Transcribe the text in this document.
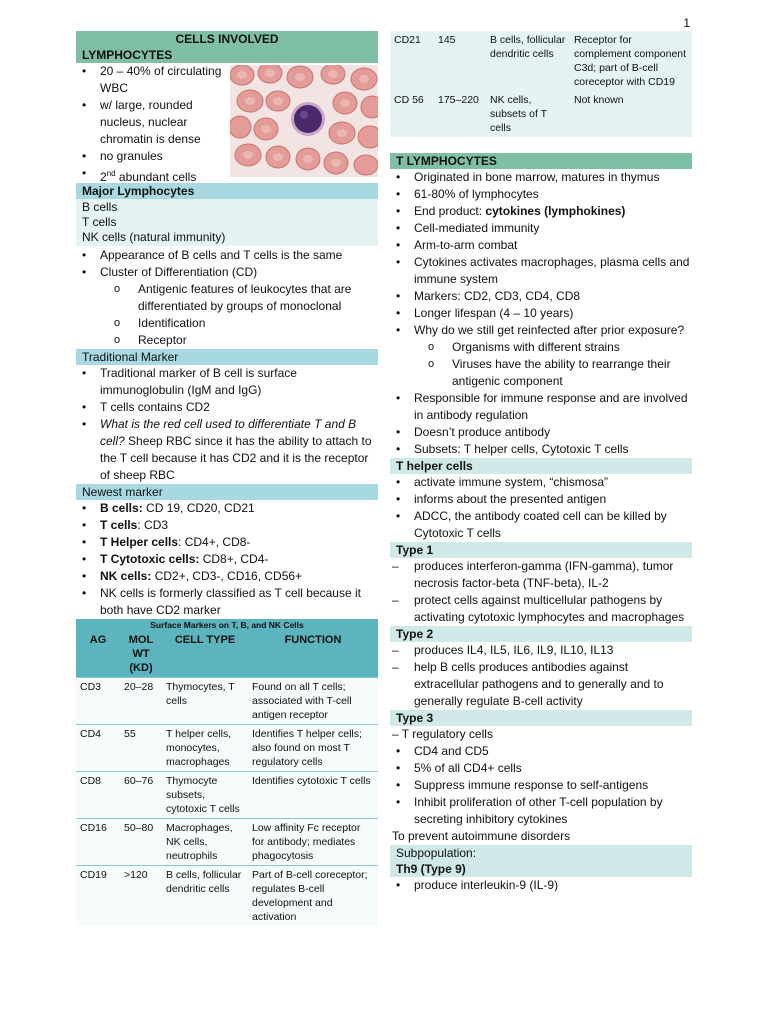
1
CELLS INVOLVED
LYMPHOCYTES
• 20 – 40% of circulating WBC
• w/ large, rounded nucleus, nuclear chromatin is dense
• no granules
• 2nd abundant cells
Major Lymphocytes
B cells
T cells
NK cells (natural immunity)
• Appearance of B cells and T cells is the same
• Cluster of Differentiation (CD)
o Antigenic features of leukocytes that are differentiated by groups of monoclonal
o Identification
o Receptor
Traditional Marker
• Traditional marker of B cell is surface immunoglobulin (IgM and IgG)
• T cells contains CD2
• What is the red cell used to differentiate T and B cell? Sheep RBC since it has the ability to attach to the T cell because it has CD2 and it is the receptor of sheep RBC
Newest marker
• B cells: CD 19, CD20, CD21
• T cells: CD3
• T Helper cells: CD4+, CD8-
• T Cytotoxic cells: CD8+, CD4-
• NK cells: CD2+, CD3-, CD16, CD56+
• NK cells is formerly classified as T cell because it both have CD2 marker
Surface Markers on T, B, and NK Cells
AG	MOL WT (KD)	CELL TYPE	FUNCTION
CD3	20–28	Thymocytes, T cells	Found on all T cells; associated with T-cell antigen receptor
CD4	55	T helper cells, monocytes, macrophages	Identifies T helper cells; also found on most T regulatory cells
CD8	60–76	Thymocyte subsets, cytotoxic T cells	Identifies cytotoxic T cells
CD16	50–80	Macrophages, NK cells, neutrophils	Low affinity Fc receptor for antibody; mediates phagocytosis
CD19	>120	B cells, follicular dendritic cells	Part of B-cell coreceptor; regulates B-cell development and activation
CD21	145	B cells, follicular dendritic cells	Receptor for complement component C3d; part of B-cell coreceptor with CD19
CD 56	175–220	NK cells, subsets of T cells	Not known
T LYMPHOCYTES
• Originated in bone marrow, matures in thymus
• 61-80% of lymphocytes
• End product: cytokines (lymphokines)
• Cell-mediated immunity
• Arm-to-arm combat
• Cytokines activates macrophages, plasma cells and immune system
• Markers: CD2, CD3, CD4, CD8
• Longer lifespan (4 – 10 years)
• Why do we still get reinfected after prior exposure?
o Organisms with different strains
o Viruses have the ability to rearrange their antigenic component
• Responsible for immune response and are involved in antibody regulation
• Doesn’t produce antibody
• Subsets: T helper cells, Cytotoxic T cells
T helper cells
• activate immune system, “chismosa”
• informs about the presented antigen
• ADCC, the antibody coated cell can be killed by Cytotoxic T cells
Type 1
– produces interferon-gamma (IFN-gamma), tumor necrosis factor-beta (TNF-beta), IL-2
– protect cells against multicellular pathogens by activating cytotoxic lymphocytes and macrophages
Type 2
– produces IL4, IL5, IL6, IL9, IL10, IL13
– help B cells produces antibodies against extracellular pathogens and to generally and to generally regulate B-cell activity
Type 3
– T regulatory cells
• CD4 and CD5
• 5% of all CD4+ cells
• Suppress immune response to self-antigens
• Inhibit proliferation of other T-cell population by secreting inhibitory cytokines
To prevent autoimmune disorders
Subpopulation:
Th9 (Type 9)
• produce interleukin-9 (IL-9)
